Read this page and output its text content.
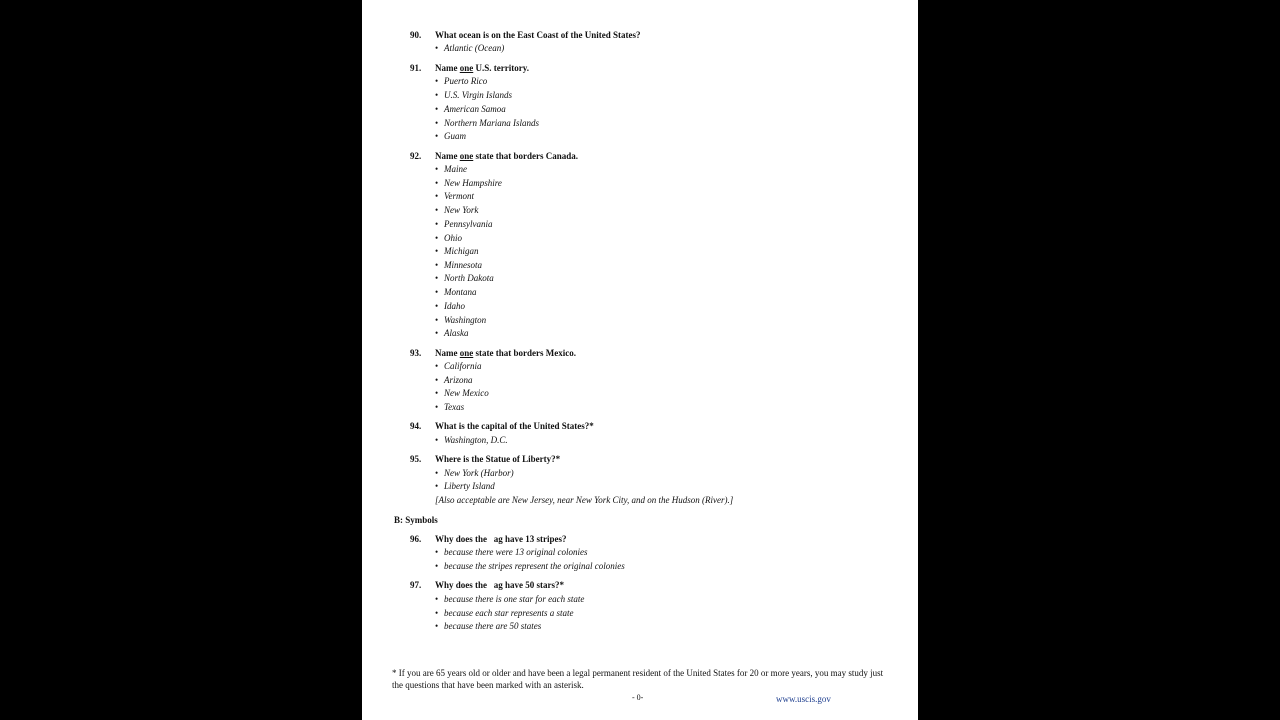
90. What ocean is on the East Coast of the United States?
• Atlantic (Ocean)
91. Name one U.S. territory.
• Puerto Rico
• U.S. Virgin Islands
• American Samoa
• Northern Mariana Islands
• Guam
92. Name one state that borders Canada.
• Maine
• New Hampshire
• Vermont
• New York
• Pennsylvania
• Ohio
• Michigan
• Minnesota
• North Dakota
• Montana
• Idaho
• Washington
• Alaska
93. Name one state that borders Mexico.
• California
• Arizona
• New Mexico
• Texas
94. What is the capital of the United States?*
• Washington, D.C.
95. Where is the Statue of Liberty?*
• New York (Harbor)
• Liberty Island
[Also acceptable are New Jersey, near New York City, and on the Hudson (River).]
B: Symbols
96. Why does the   ag have 13 stripes?
• because there were 13 original colonies
• because the stripes represent the original colonies
97. Why does the   ag have 50 stars?*
• because there is one star for each state
• because each star represents a state
• because there are 50 states
* If you are 65 years old or older and have been a legal permanent resident of the United States for 20 or more years, you may study just the questions that have been marked with an asterisk.
- 0-	www.uscis.gov
